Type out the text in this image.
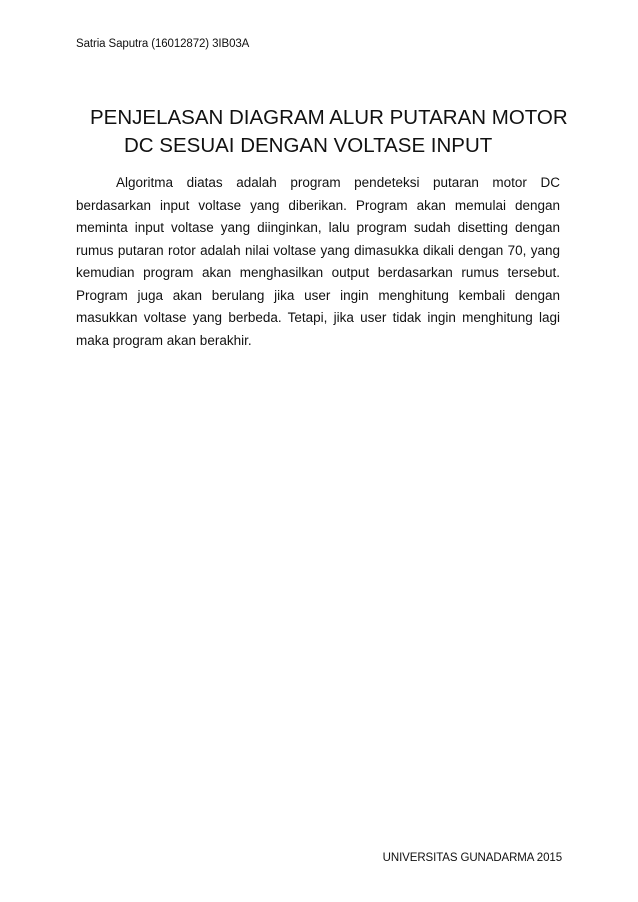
Satria Saputra (16012872) 3IB03A
PENJELASAN DIAGRAM ALUR PUTARAN MOTOR
DC SESUAI DENGAN VOLTASE INPUT

Algoritma diatas adalah program pendeteksi putaran motor DC berdasarkan input voltase yang diberikan. Program akan memulai dengan meminta input voltase yang diinginkan, lalu program sudah disetting dengan rumus putaran rotor adalah nilai voltase yang dimasukka dikali dengan 70, yang kemudian program akan menghasilkan output berdasarkan rumus tersebut. Program juga akan berulang jika user ingin menghitung kembali dengan masukkan voltase yang berbeda. Tetapi, jika user tidak ingin menghitung lagi maka program akan berakhir.

UNIVERSITAS GUNADARMA 2015
